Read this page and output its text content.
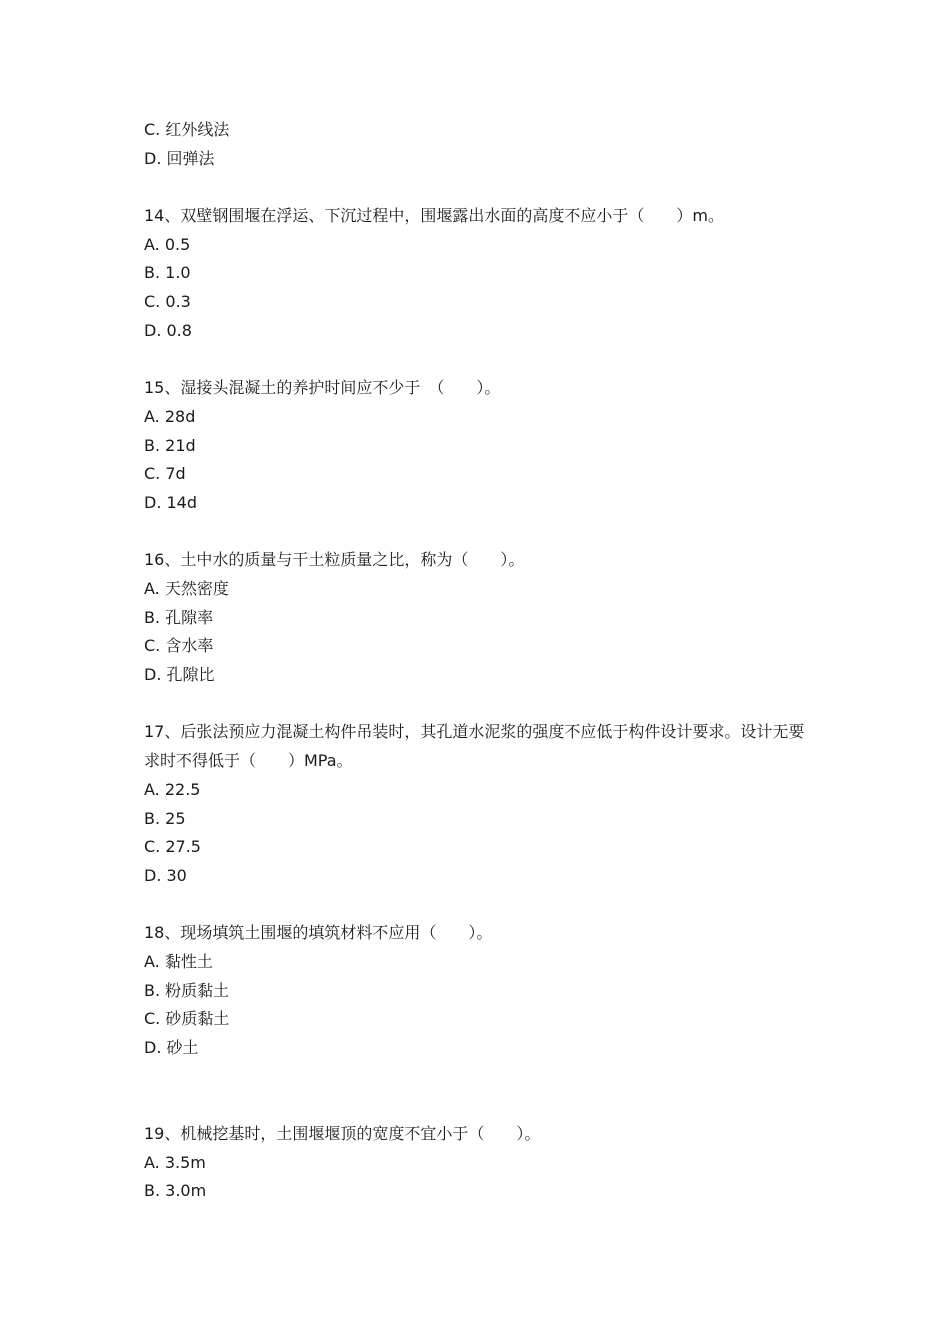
C. 红外线法
D. 回弹法
14、双壁钢围堰在浮运、下沉过程中，围堰露出水面的高度不应小于（　　）m。
A. 0.5
B. 1.0
C. 0.3
D. 0.8
15、湿接头混凝土的养护时间应不少于　（　　）。
A. 28d
B. 21d
C. 7d
D. 14d
16、土中水的质量与干土粒质量之比，称为（　　）。
A. 天然密度
B. 孔隙率
C. 含水率
D. 孔隙比
17、后张法预应力混凝土构件吊装时，其孔道水泥浆的强度不应低于构件设计要求。设计无要求时不得低于（　　）MPa。
A. 22.5
B. 25
C. 27.5
D. 30
18、现场填筑土围堰的填筑材料不应用（　　）。
A. 黏性土
B. 粉质黏土
C. 砂质黏土
D. 砂土
19、机械挖基时，土围堰堰顶的宽度不宜小于（　　）。
A. 3.5m
B. 3.0m
